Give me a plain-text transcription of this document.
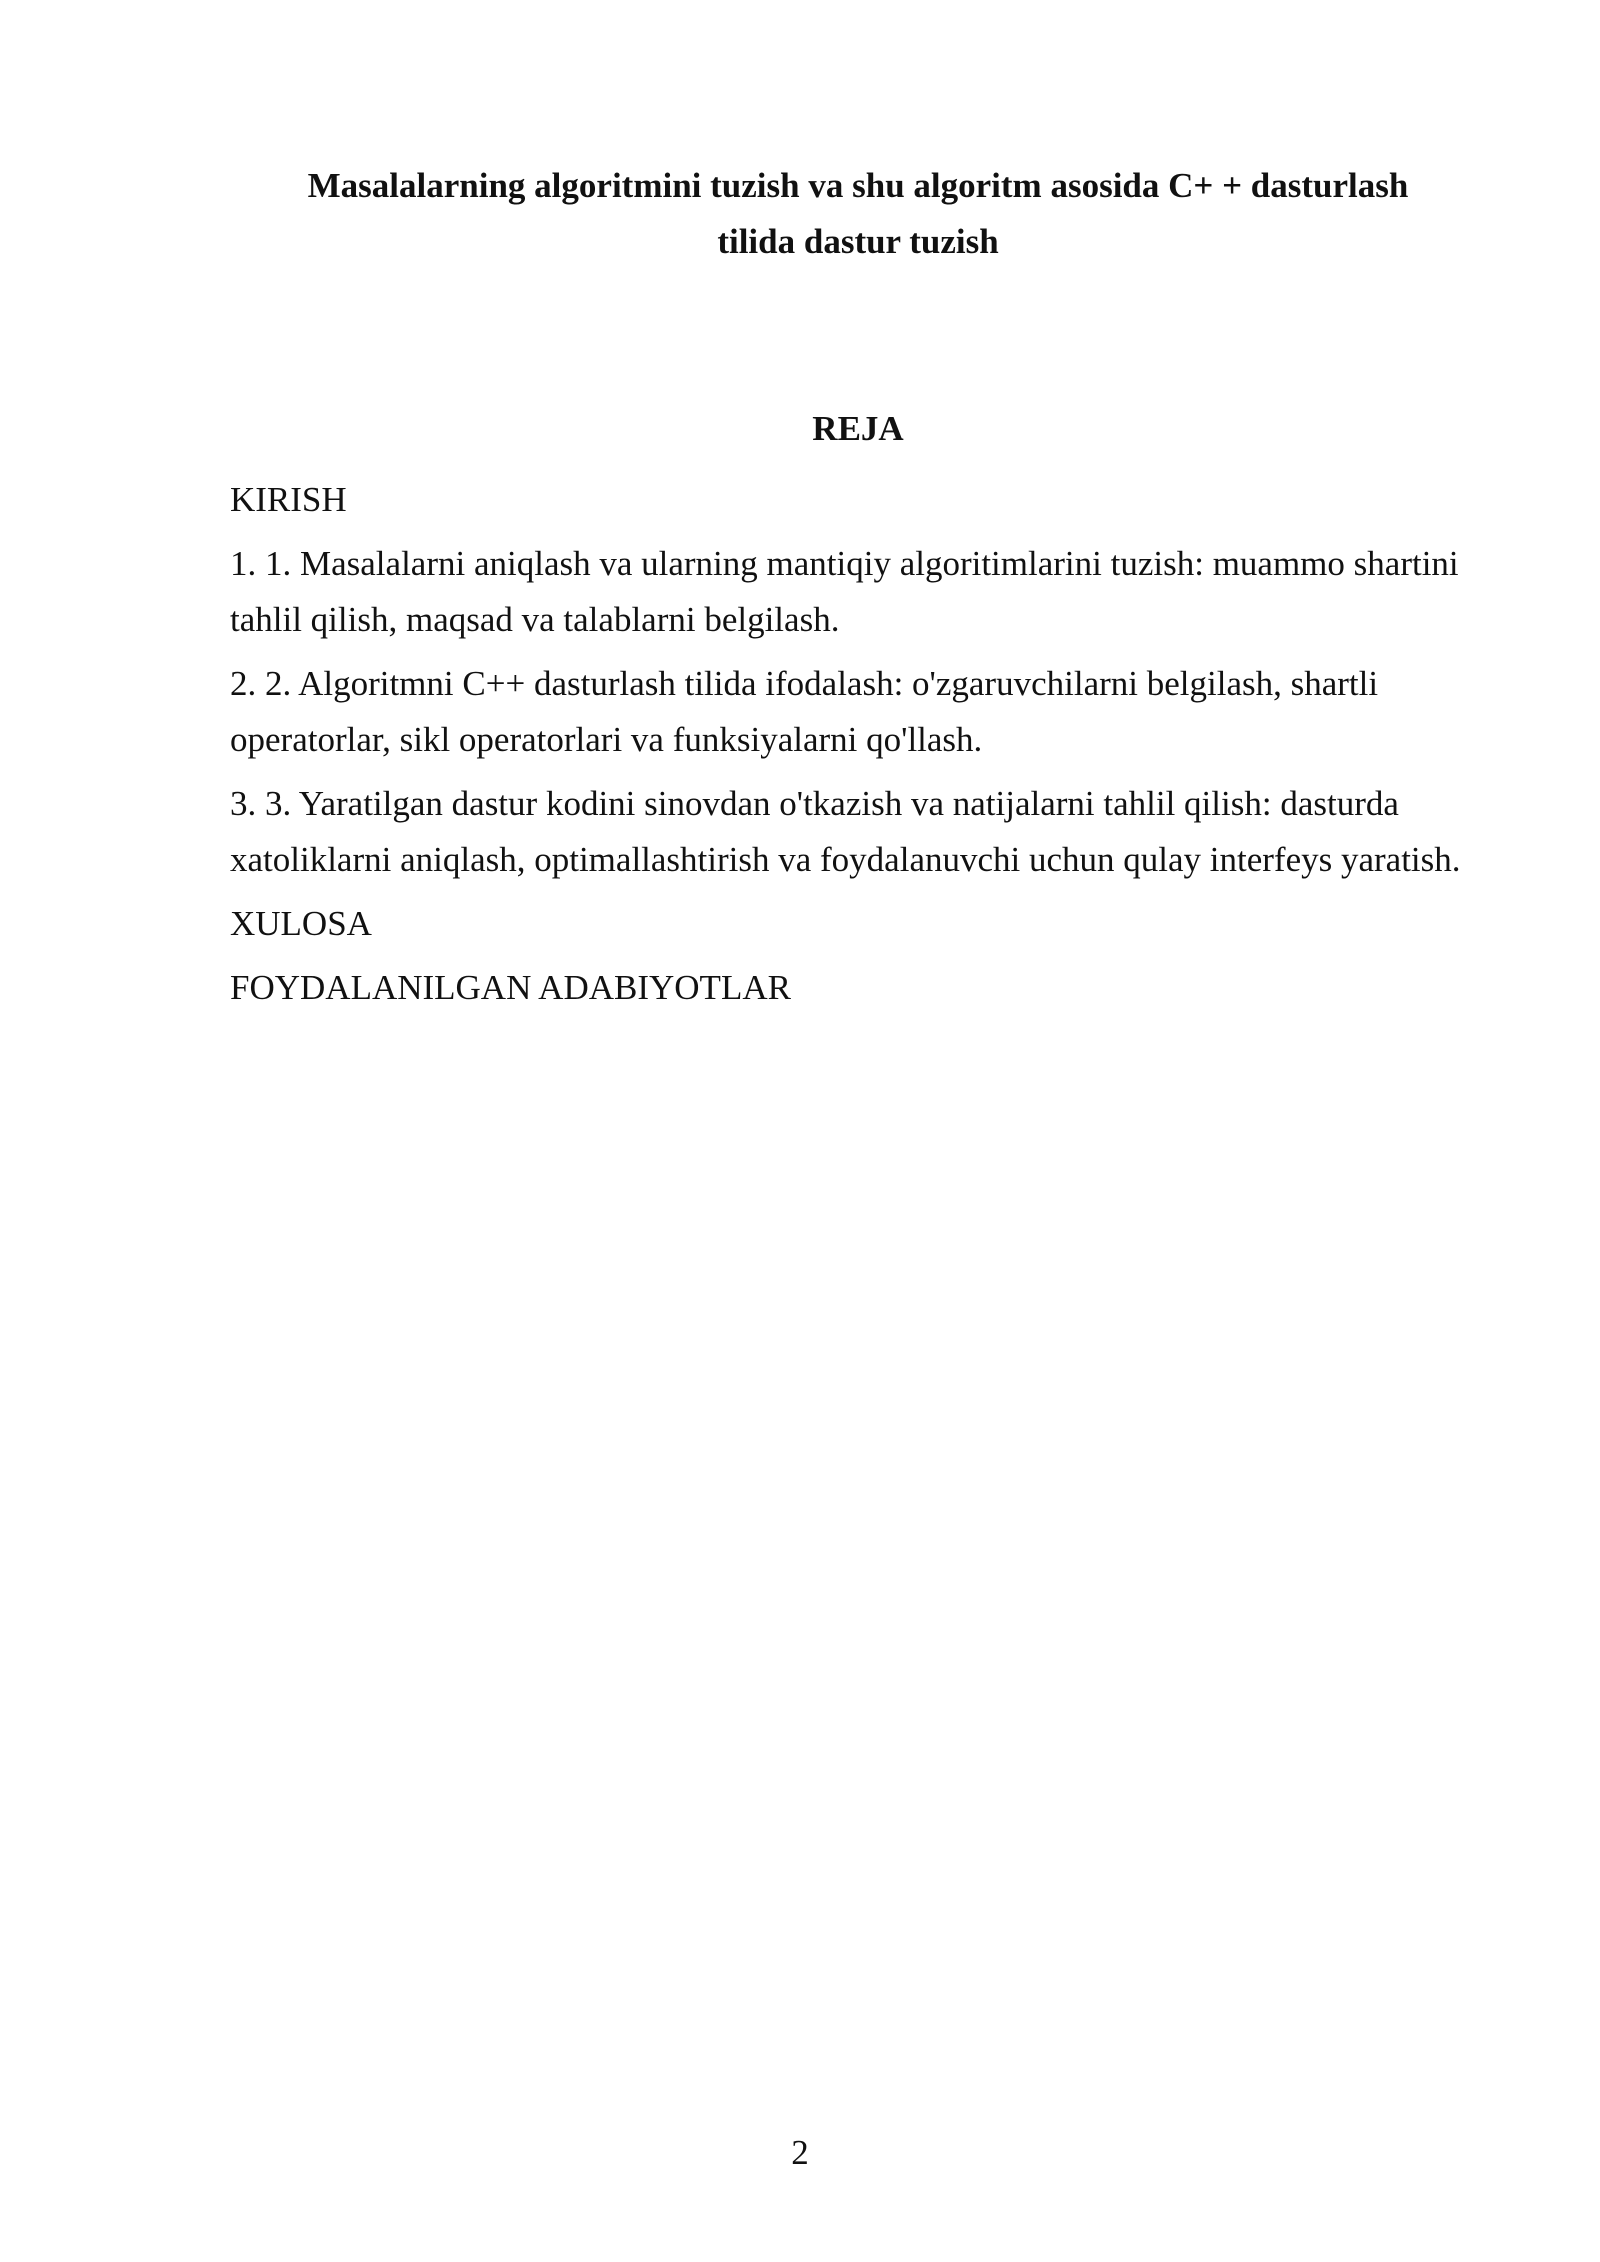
Masalalarning algoritmini tuzish va shu algoritm asosida C+ + dasturlash
tilida dastur tuzish
REJA

KIRISH

1. 1. Masalalarni aniqlash va ularning mantiqiy algoritimlarini tuzish: muammo shartini tahlil qilish, maqsad va talablarni belgilash.

2. 2. Algoritmni C++ dasturlash tilida ifodalash: o'zgaruvchilarni belgilash, shartli operatorlar, sikl operatorlari va funksiyalarni qo'llash.

3. 3. Yaratilgan dastur kodini sinovdan o'tkazish va natijalarni tahlil qilish: dasturda xatoliklarni aniqlash, optimallashtirish va foydalanuvchi uchun qulay interfeys yaratish.

XULOSA

FOYDALANILGAN ADABIYOTLAR

2
